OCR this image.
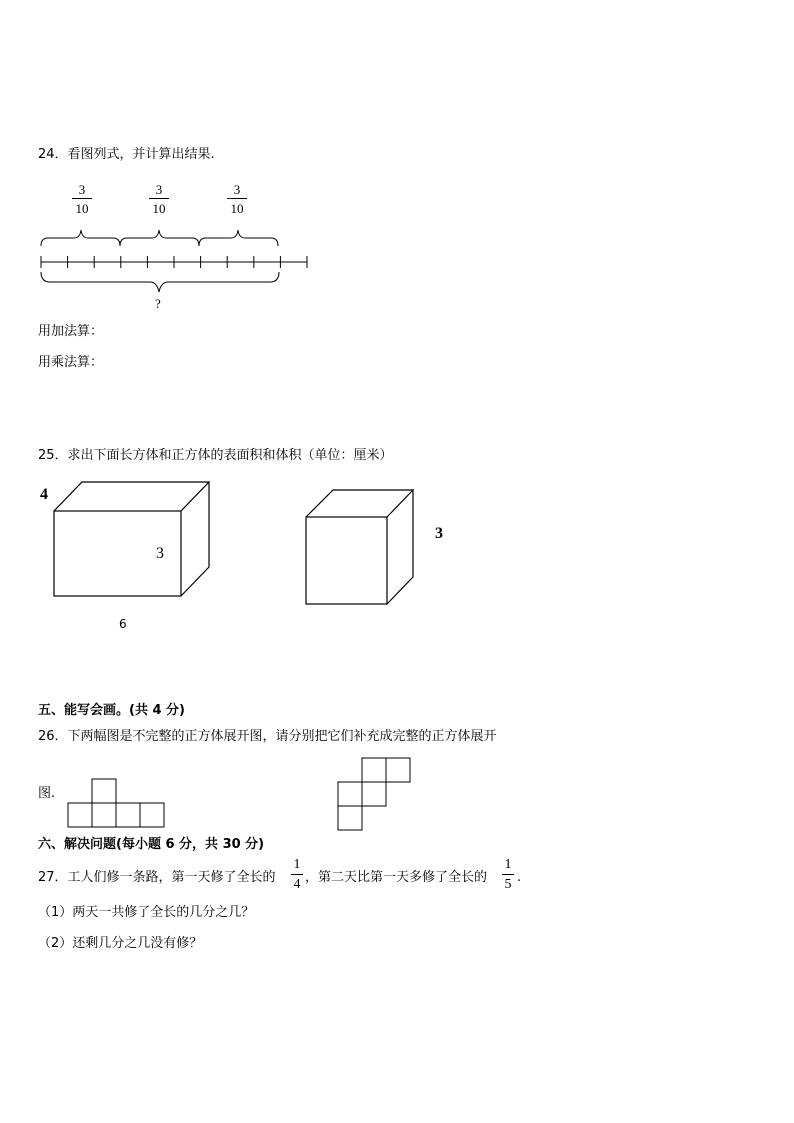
24．看图列式，并计算出结果.
3
10
3
10
3
10
?
用加法算：
用乘法算：
25．求出下面长方体和正方体的表面积和体积（单位：厘米）
4
3
6
3
五、能写会画。(共 4 分)
26．下两幅图是不完整的正方体展开图，请分别把它们补充成完整的正方体展开
图.
六、解决问题(每小题 6 分，共 30 分)
27．工人们修一条路，第一天修了全长的
1
4 ，第二天比第一天多修了全长的
1
5 .
（1）两天一共修了全长的几分之几？
（2）还剩几分之几没有修？
